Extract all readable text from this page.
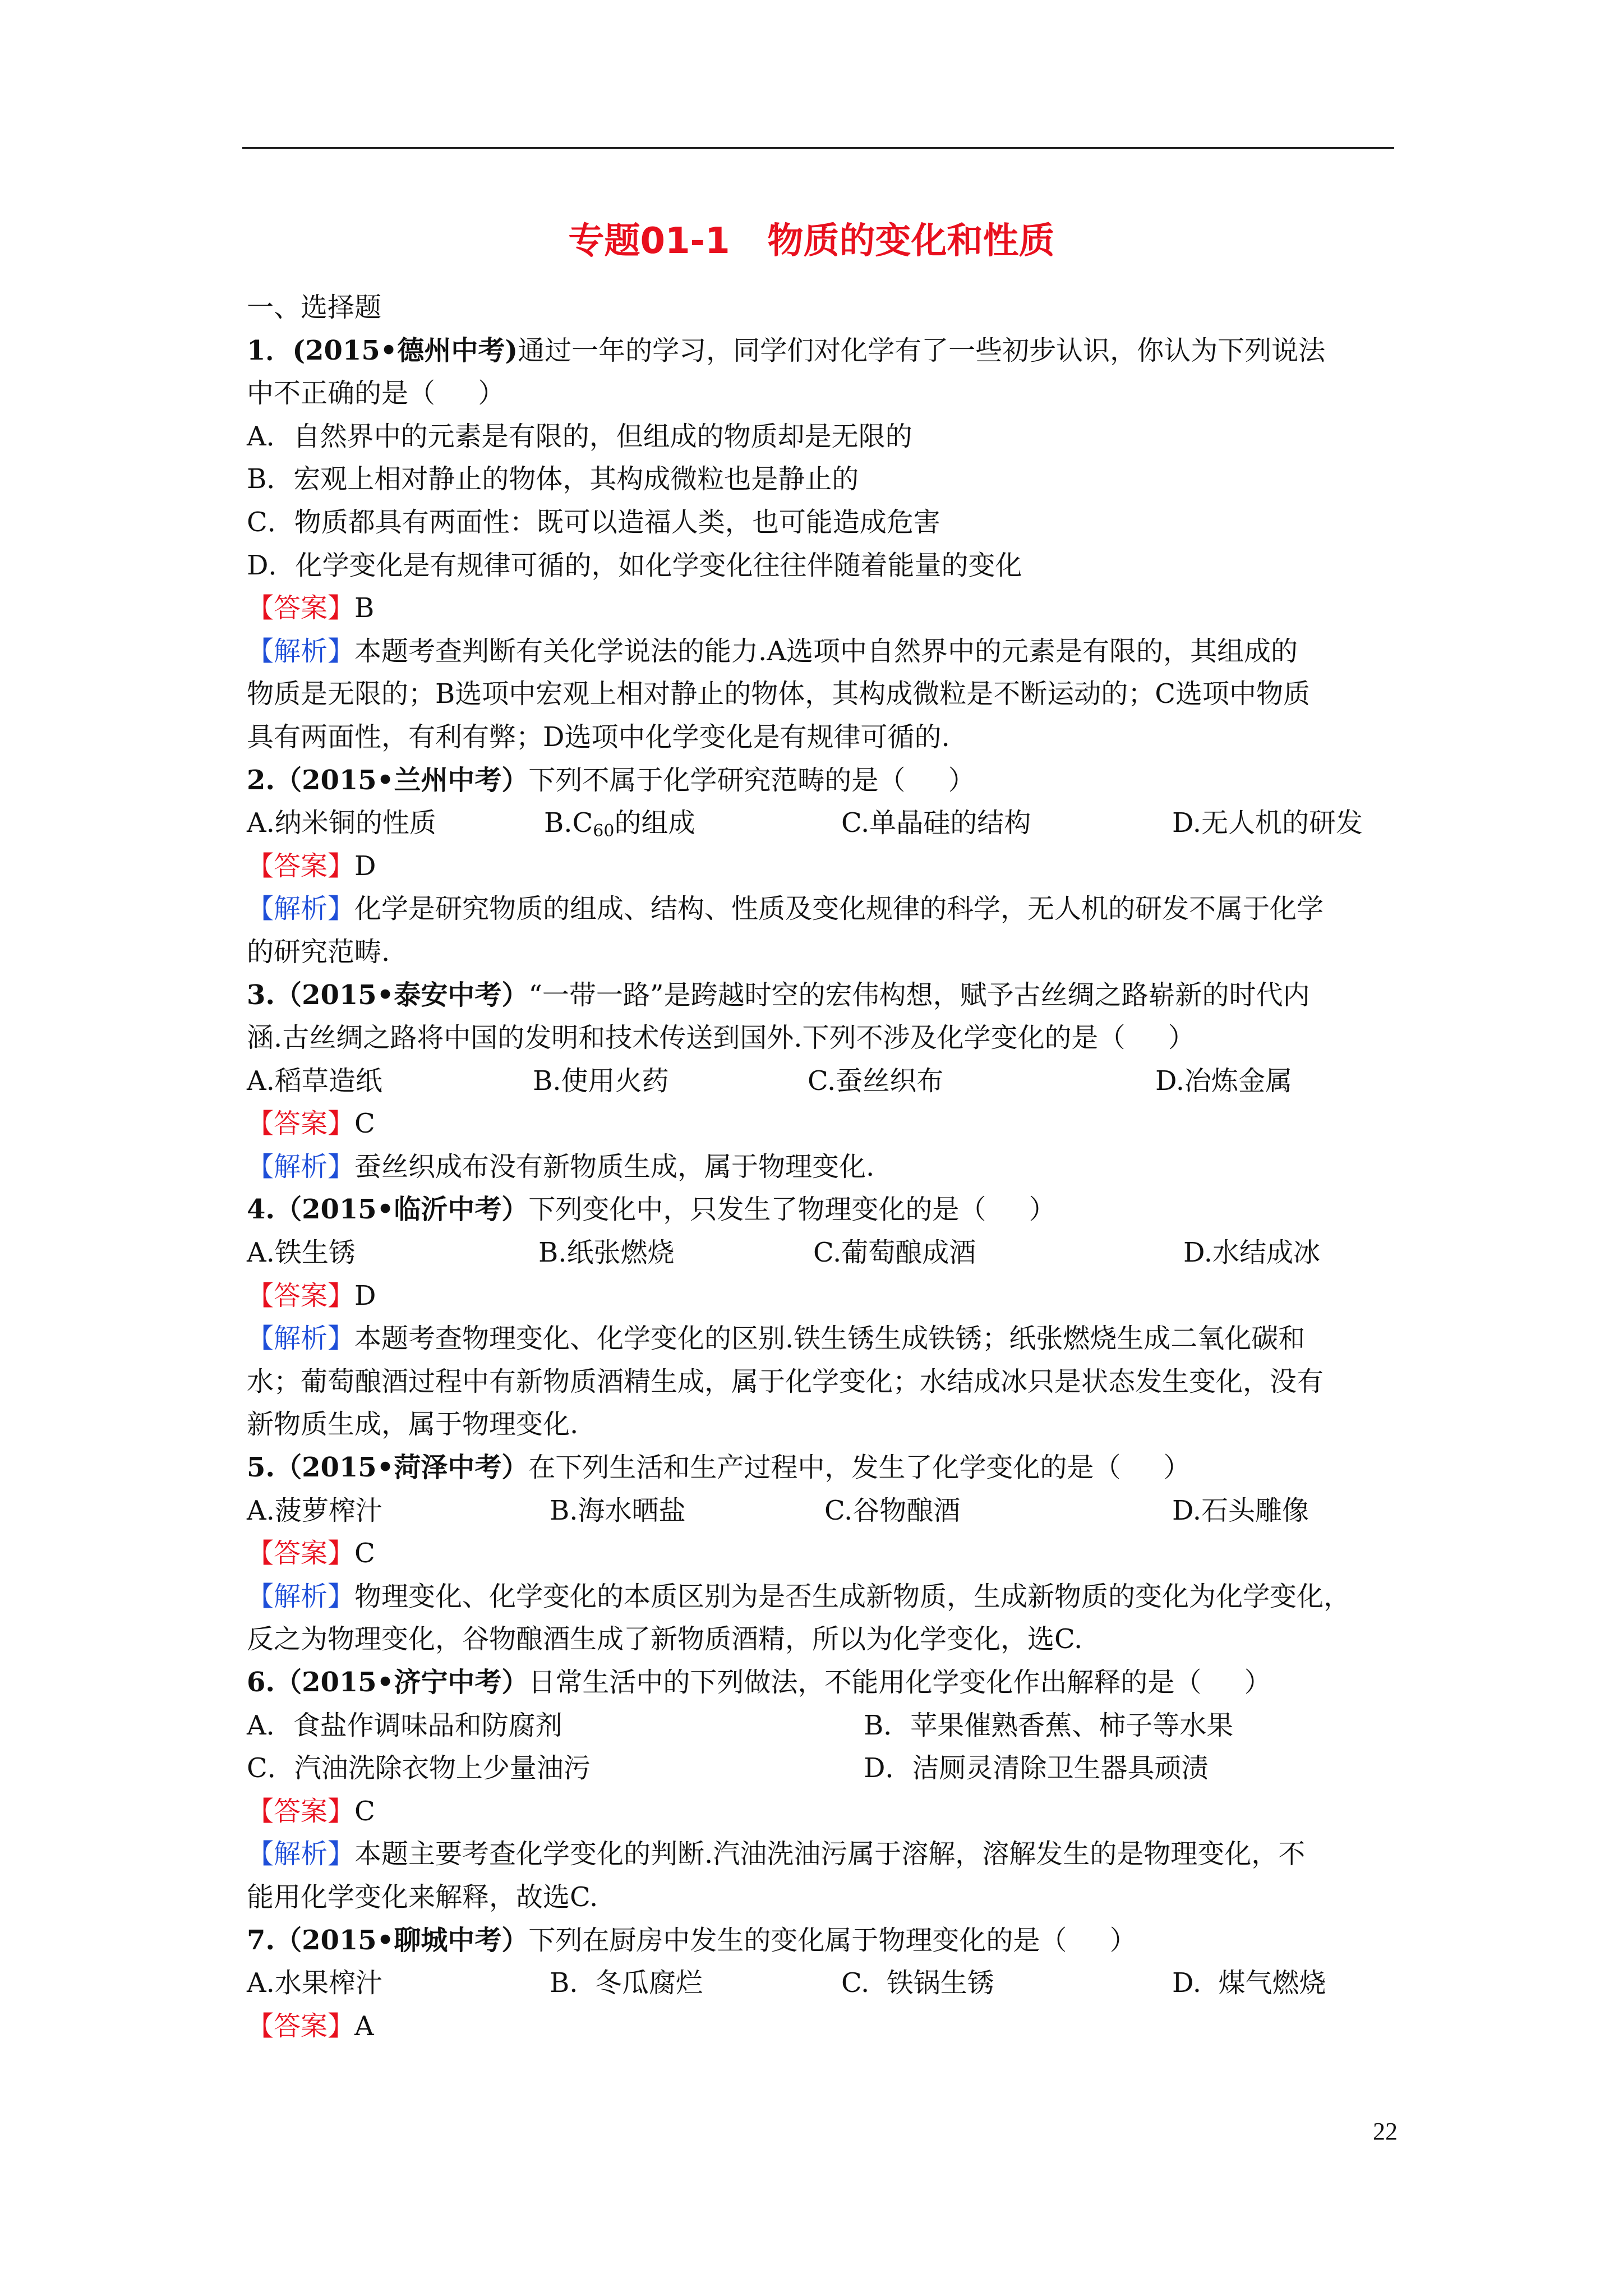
专题01-1   物质的变化和性质
一、选择题
1．(2015•德州中考)通过一年的学习，同学们对化学有了一些初步认识，你认为下列说法
中不正确的是（     ）
A．自然界中的元素是有限的，但组成的物质却是无限的
B．宏观上相对静止的物体，其构成微粒也是静止的
C．物质都具有两面性：既可以造福人类，也可能造成危害
D．化学变化是有规律可循的，如化学变化往往伴随着能量的变化
【答案】B
【解析】本题考查判断有关化学说法的能力.A选项中自然界中的元素是有限的，其组成的
物质是无限的；B选项中宏观上相对静止的物体，其构成微粒是不断运动的；C选项中物质
具有两面性，有利有弊；D选项中化学变化是有规律可循的.
2.（2015•兰州中考）下列不属于化学研究范畴的是（     ）
A.纳米铜的性质	$B.C_{60}$的组成	C.单晶硅的结构	D.无人机的研发
【答案】D
【解析】化学是研究物质的组成、结构、性质及变化规律的科学，无人机的研发不属于化学
的研究范畴.
3.（2015•泰安中考）“一带一路”是跨越时空的宏伟构想，赋予古丝绸之路崭新的时代内
涵.古丝绸之路将中国的发明和技术传送到国外.下列不涉及化学变化的是（     ）
A.稻草造纸	B.使用火药	C.蚕丝织布	D.冶炼金属
【答案】C
【解析】蚕丝织成布没有新物质生成，属于物理变化.
4.（2015•临沂中考）下列变化中，只发生了物理变化的是（     ）
A.铁生锈	B.纸张燃烧	C.葡萄酿成酒	D.水结成冰
【答案】D
【解析】本题考查物理变化、化学变化的区别.铁生锈生成铁锈；纸张燃烧生成二氧化碳和
水；葡萄酿酒过程中有新物质酒精生成，属于化学变化；水结成冰只是状态发生变化，没有
新物质生成，属于物理变化.
5.（2015•菏泽中考）在下列生活和生产过程中，发生了化学变化的是（     ）
A.菠萝榨汁	B.海水晒盐	C.谷物酿酒	D.石头雕像
【答案】C
【解析】物理变化、化学变化的本质区别为是否生成新物质，生成新物质的变化为化学变化，
反之为物理变化，谷物酿酒生成了新物质酒精，所以为化学变化，选C.
6.（2015•济宁中考）日常生活中的下列做法，不能用化学变化作出解释的是（     ）
A．食盐作调味品和防腐剂	B．苹果催熟香蕉、柿子等水果
C．汽油洗除衣物上少量油污	D．洁厕灵清除卫生器具顽渍
【答案】C
【解析】本题主要考查化学变化的判断.汽油洗油污属于溶解，溶解发生的是物理变化，不
能用化学变化来解释，故选C.
7.（2015•聊城中考）下列在厨房中发生的变化属于物理变化的是（     ）
A.水果榨汁	B.  冬瓜腐烂	C.  铁锅生锈	D.  煤气燃烧
【答案】A
22
